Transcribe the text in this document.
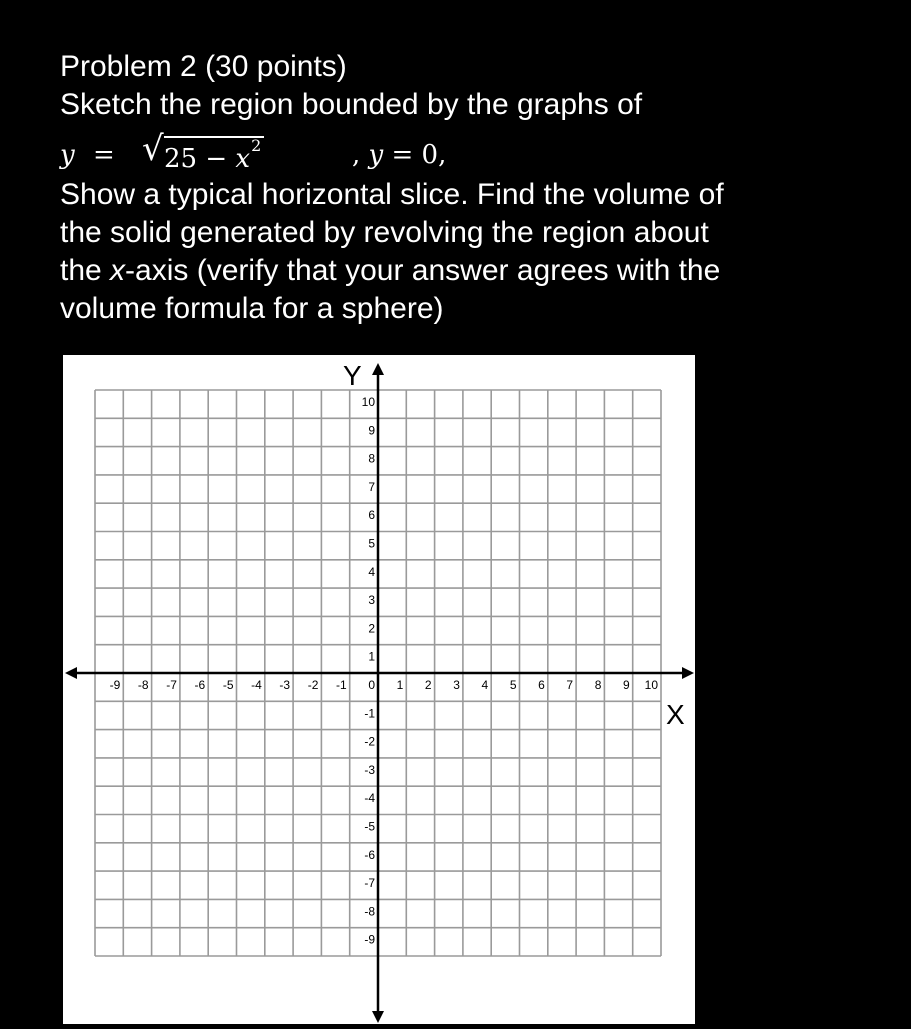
Problem 2 (30 points)
Sketch the region bounded by the graphs of
y = √ $25 - x^2$	, y = 0,
Show a typical horizontal slice. Find the volume of
the solid generated by revolving the region about
the x-axis (verify that your answer agrees with the
volume formula for a sphere)
-9 -8 -7 -6 -5 -4 -3 -2 -1 0 1 2 3 4 5 6 7 8 9 10
1
2
3
4
5
6
7
8
9
10
-1
-2
-3
-4
-5
-6
-7
-8
-9
X
Y
